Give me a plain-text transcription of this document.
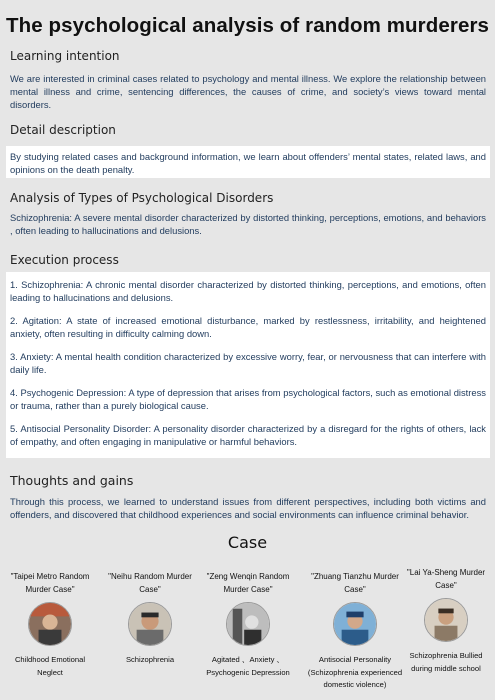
The psychological analysis of random murderers
Learning intention
We are interested in criminal cases related to psychology and mental illness. We explore the relationship between mental illness and crime, sentencing differences, the causes of crime, and society’s views toward mental disorders.
Detail description
By studying related cases and background information, we learn about offenders’ mental states, related laws, and opinions on the death penalty.
Analysis of Types of Psychological Disorders
Schizophrenia: A severe mental disorder characterized by distorted thinking, perceptions, emotions, and behaviors , often leading to hallucinations and delusions.
Execution process
1. Schizophrenia: A chronic mental disorder characterized by distorted thinking, perceptions, and emotions, often leading to hallucinations and delusions.
2. Agitation: A state of increased emotional disturbance, marked by restlessness, irritability, and heightened anxiety, often resulting in difficulty calming down.
3. Anxiety: A mental health condition characterized by excessive worry, fear, or nervousness that can interfere with daily life.
4. Psychogenic Depression: A type of depression that arises from psychological factors, such as emotional distress or trauma, rather than a purely biological cause.
5. Antisocial Personality Disorder: A personality disorder characterized by a disregard for the rights of others, lack of empathy, and often engaging in manipulative or harmful behaviors.
Thoughts and gains
Through this process, we learned to understand issues from different perspectives, including both victims and offenders, and discovered that childhood experiences and social environments can influence criminal behavior.
Case
"Taipei Metro Random Murder Case"
Childhood Emotional Neglect
"Neihu Random Murder Case"
Schizophrenia
"Zeng Wenqin Random Murder Case"
Agitated 、Anxiety 、Psychogenic Depression
"Zhuang Tianzhu Murder Case"
Antisocial Personality (Schizophrenia experienced domestic violence)
"Lai Ya-Sheng Murder Case"
Schizophrenia Bullied during middle school
